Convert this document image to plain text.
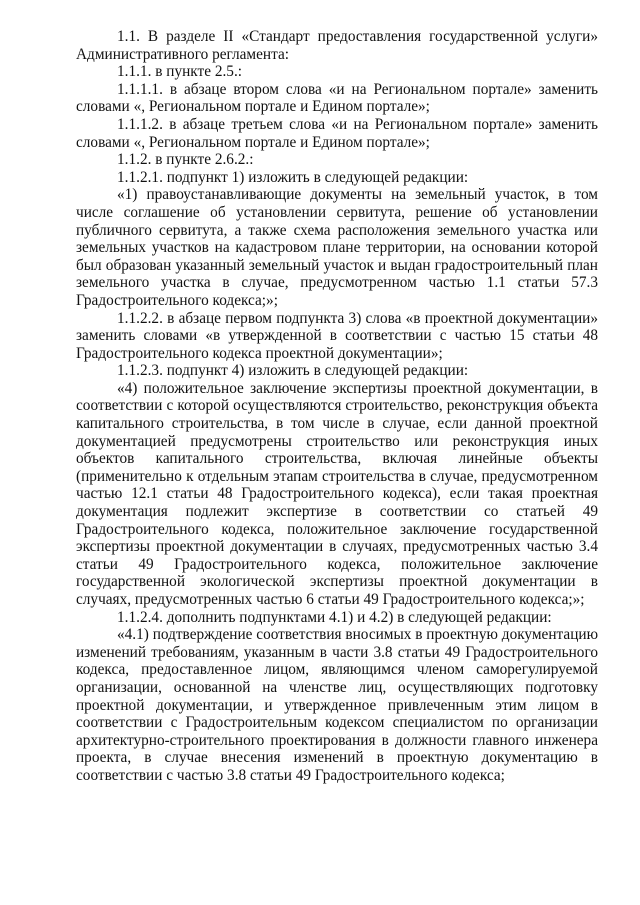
1.1. В разделе II «Стандарт предоставления государственной услуги» Административного регламента:

1.1.1. в пункте 2.5.:

1.1.1.1. в абзаце втором слова «и на Региональном портале» заменить словами «, Региональном портале и Едином портале»;

1.1.1.2. в абзаце третьем слова «и на Региональном портале» заменить словами «, Региональном портале и Едином портале»;

1.1.2. в пункте 2.6.2.:

1.1.2.1. подпункт 1) изложить в следующей редакции:

«1) правоустанавливающие документы на земельный участок, в том числе соглашение об установлении сервитута, решение об установлении публичного сервитута, а также схема расположения земельного участка или земельных участков на кадастровом плане территории, на основании которой был образован указанный земельный участок и выдан градостроительный план земельного участка в случае, предусмотренном частью 1.1 статьи 57.3 Градостроительного кодекса;»;

1.1.2.2. в абзаце первом подпункта 3) слова «в проектной документации» заменить словами «в утвержденной в соответствии с частью 15 статьи 48 Градостроительного кодекса проектной документации»;

1.1.2.3. подпункт 4) изложить в следующей редакции:

«4) положительное заключение экспертизы проектной документации, в соответствии с которой осуществляются строительство, реконструкция объекта капитального строительства, в том числе в случае, если данной проектной документацией предусмотрены строительство или реконструкция иных объектов капитального строительства, включая линейные объекты (применительно к отдельным этапам строительства в случае, предусмотренном частью 12.1 статьи 48 Градостроительного кодекса), если такая проектная документация подлежит экспертизе в соответствии со статьей 49 Градостроительного кодекса, положительное заключение государственной экспертизы проектной документации в случаях, предусмотренных частью 3.4 статьи 49 Градостроительного кодекса, положительное заключение государственной экологической экспертизы проектной документации в случаях, предусмотренных частью 6 статьи 49 Градостроительного кодекса;»;

1.1.2.4. дополнить подпунктами 4.1) и 4.2) в следующей редакции:

«4.1) подтверждение соответствия вносимых в проектную документацию изменений требованиям, указанным в части 3.8 статьи 49 Градостроительного кодекса, предоставленное лицом, являющимся членом саморегулируемой организации, основанной на членстве лиц, осуществляющих подготовку проектной документации, и утвержденное привлеченным этим лицом в соответствии с Градостроительным кодексом специалистом по организации архитектурно-строительного проектирования в должности главного инженера проекта, в случае внесения изменений в проектную документацию в соответствии с частью 3.8 статьи 49 Градостроительного кодекса;
